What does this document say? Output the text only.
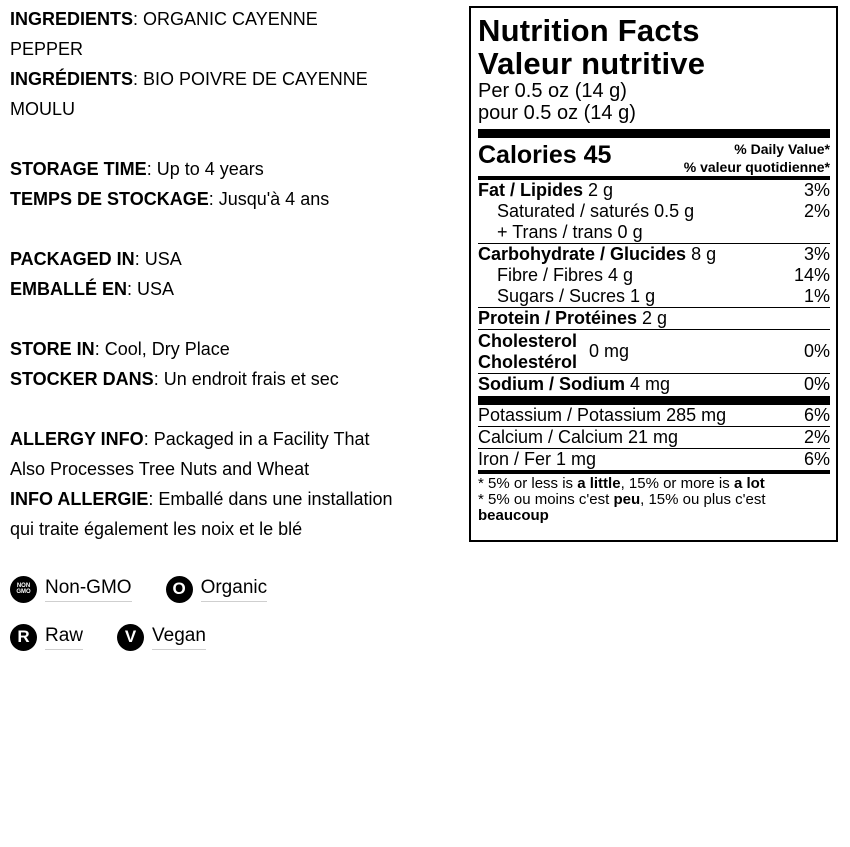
INGREDIENTS: ORGANIC CAYENNE
PEPPER

INGRÉDIENTS: BIO POIVRE DE CAYENNE
MOULU

STORAGE TIME: Up to 4 years

TEMPS DE STOCKAGE: Jusqu'à 4 ans

PACKAGED IN: USA

EMBALLÉ EN: USA

STORE IN: Cool, Dry Place

STOCKER DANS: Un endroit frais et sec

ALLERGY INFO: Packaged in a Facility That
Also Processes Tree Nuts and Wheat

INFO ALLERGIE: Emballé dans une installation
qui traite également les noix et le blé

NON
GMO Non-GMO	O Organic
R Raw	V Vegan

Nutrition Facts

Valeur nutritive

Per 0.5 oz (14 g)

pour 0.5 oz (14 g)

Calories 45	% Daily Value*
% valeur quotidienne*
Fat / Lipides 2 g	3%
Saturated / saturés 0.5 g	2%
+ Trans / trans 0 g
Carbohydrate / Glucides 8 g	3%
Fibre / Fibres 4 g	14%
Sugars / Sucres 1 g	1%
Protein / Protéines 2 g
Cholesterol
Cholestérol
0 mg	0%
Sodium / Sodium 4 mg	0%
Potassium / Potassium 285 mg	6%
Calcium / Calcium 21 mg	2%
Iron / Fer 1 mg	6%
* 5% or less is a little, 15% or more is a lot
* 5% ou moins c'est peu, 15% ou plus c'est
beaucoup
